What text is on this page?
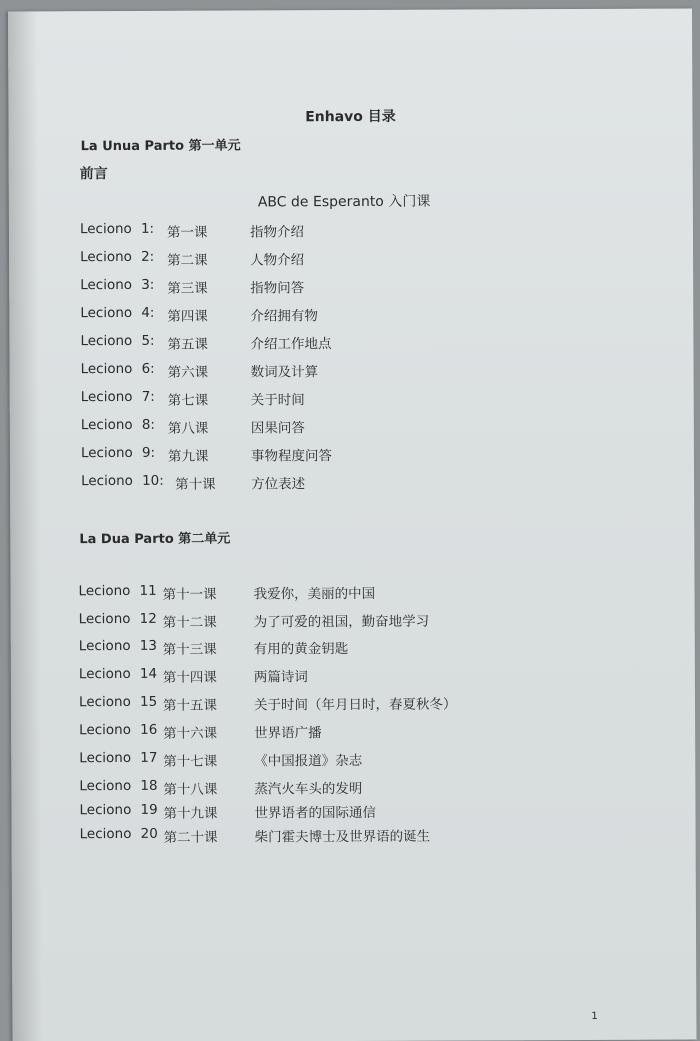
Enhavo 目录
La Unua Parto 第一单元
前言
ABC de Esperanto 入门课
Leciono 1: 第一课	指物介绍
Leciono 2: 第二课	人物介绍
Leciono 3: 第三课	指物问答
Leciono 4: 第四课	介绍拥有物
Leciono 5: 第五课	介绍工作地点
Leciono 6: 第六课	数词及计算
Leciono 7: 第七课	关于时间
Leciono 8: 第八课	因果问答
Leciono 9: 第九课	事物程度问答
Leciono 10: 第十课	方位表述
La Dua Parto 第二单元
Leciono 11 第十一课	我爱你，美丽的中国
Leciono 12 第十二课	为了可爱的祖国，勤奋地学习
Leciono 13 第十三课	有用的黄金钥匙
Leciono 14 第十四课	两篇诗词
Leciono 15 第十五课	关于时间（年月日时，春夏秋冬）
Leciono 16 第十六课	世界语广播
Leciono 17 第十七课	《中国报道》杂志
Leciono 18 第十八课	蒸汽火车头的发明
Leciono 19 第十九课	世界语者的国际通信
Leciono 20 第二十课	柴门霍夫博士及世界语的诞生
1
